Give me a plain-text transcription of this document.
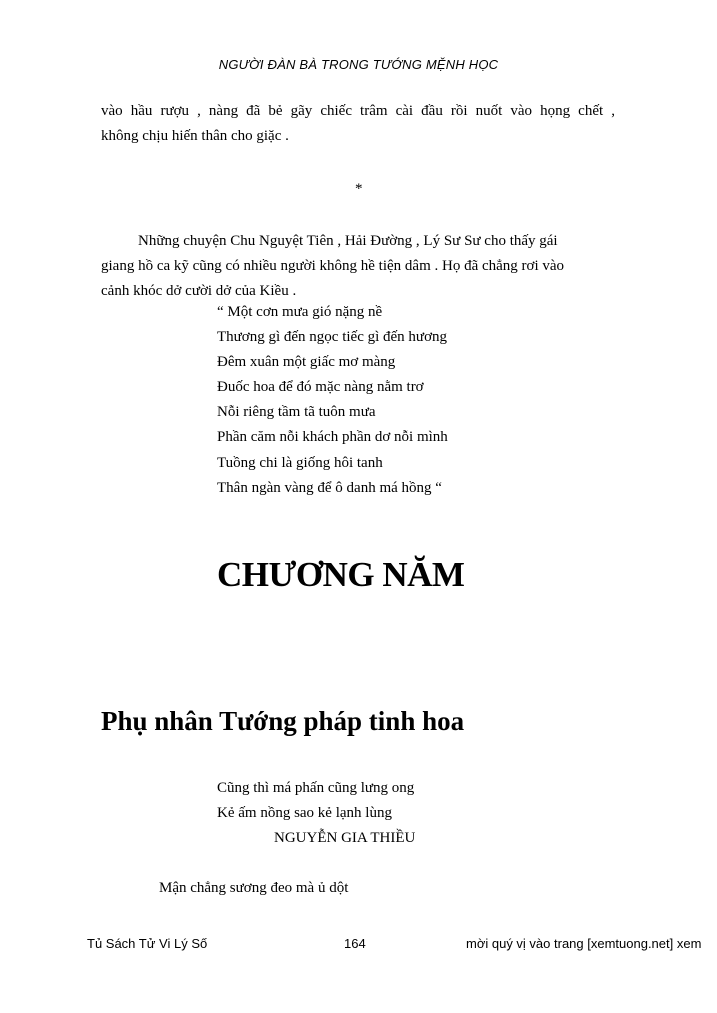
NGƯỜI ĐÀN BÀ TRONG TƯỚNG MỆNH HỌC
vào hầu rượu , nàng đã bẻ gãy chiếc trâm cài đầu rồi nuốt vào họng chết ,
không chịu hiến thân cho giặc .
*
Những chuyện Chu Nguyệt Tiên , Hải Đường , Lý Sư Sư cho thấy gái
giang hồ ca kỹ cũng có nhiều người không hề tiện dâm . Họ đã chẳng rơi vào
cảnh khóc dở cười dở của Kiều .
“ Một cơn mưa gió nặng nề
Thương gì đến ngọc tiếc gì đến hương
Đêm xuân một giấc mơ màng
Đuốc hoa để đó mặc nàng nằm trơ
Nỗi riêng tầm tã tuôn mưa
Phần căm nỗi khách phần dơ nỗi mình
Tuồng chi là giống hôi tanh
Thân ngàn vàng để ô danh má hồng “
CHƯƠNG NĂM
Phụ nhân Tướng pháp tinh hoa
Cũng thì má phấn cũng lưng ong
Kẻ ấm nồng sao kẻ lạnh lùng
NGUYỄN GIA THIỀU
Mận chẳng sương đeo mà ủ dột
Tủ Sách Tử Vi Lý Số	164	mời quý vị vào trang [xemtuong.net] xem
